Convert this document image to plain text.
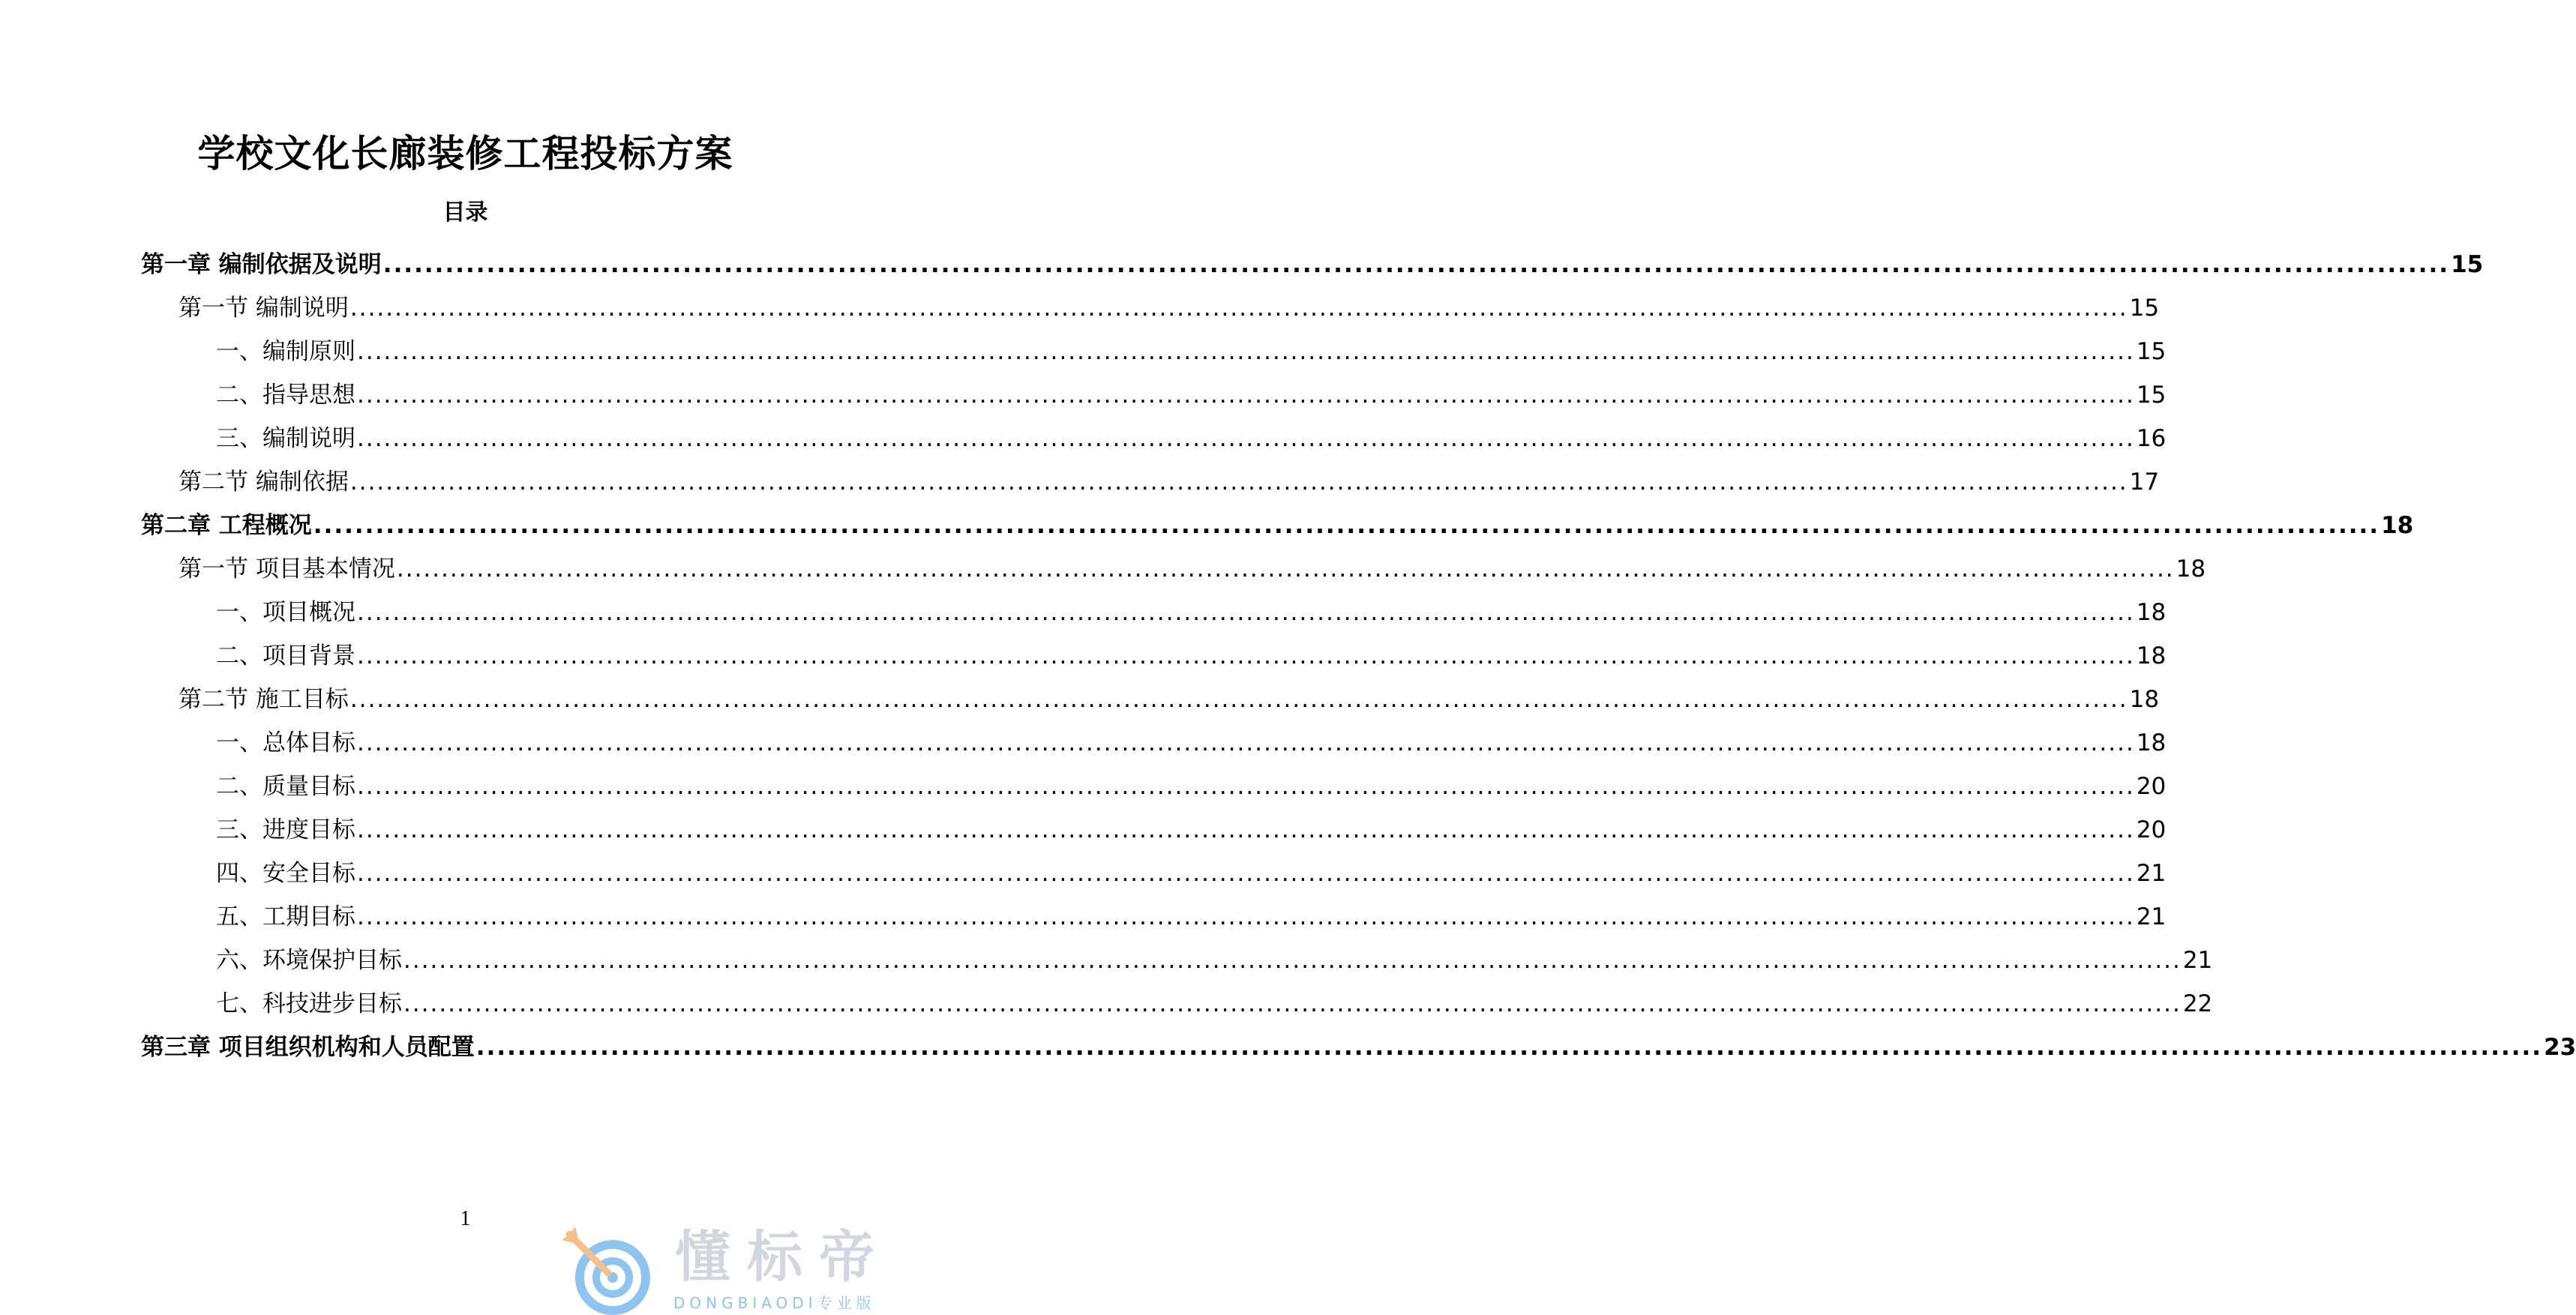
学校文化长廊装修工程投标方案
目录
第一章 编制依据及说明 ........................................................................................................................................................................................................ 15
第一节 编制说明 ........................................................................................................................................................................................................ 15
一、编制原则 ........................................................................................................................................................................................................ 15
二、指导思想 ........................................................................................................................................................................................................ 15
三、编制说明 ........................................................................................................................................................................................................ 16
第二节 编制依据 ........................................................................................................................................................................................................ 17
第二章 工程概况 ........................................................................................................................................................................................................ 18
第一节 项目基本情况 ........................................................................................................................................................................................................ 18
一、项目概况 ........................................................................................................................................................................................................ 18
二、项目背景 ........................................................................................................................................................................................................ 18
第二节 施工目标 ........................................................................................................................................................................................................ 18
一、总体目标 ........................................................................................................................................................................................................ 18
二、质量目标 ........................................................................................................................................................................................................ 20
三、进度目标 ........................................................................................................................................................................................................ 20
四、安全目标 ........................................................................................................................................................................................................ 21
五、工期目标 ........................................................................................................................................................................................................ 21
六、环境保护目标 ........................................................................................................................................................................................................ 21
七、科技进步目标 ........................................................................................................................................................................................................ 22
第三章 项目组织机构和人员配置 ........................................................................................................................................................................................................ 23
1
懂标帝
DONGBIAODI专业版
